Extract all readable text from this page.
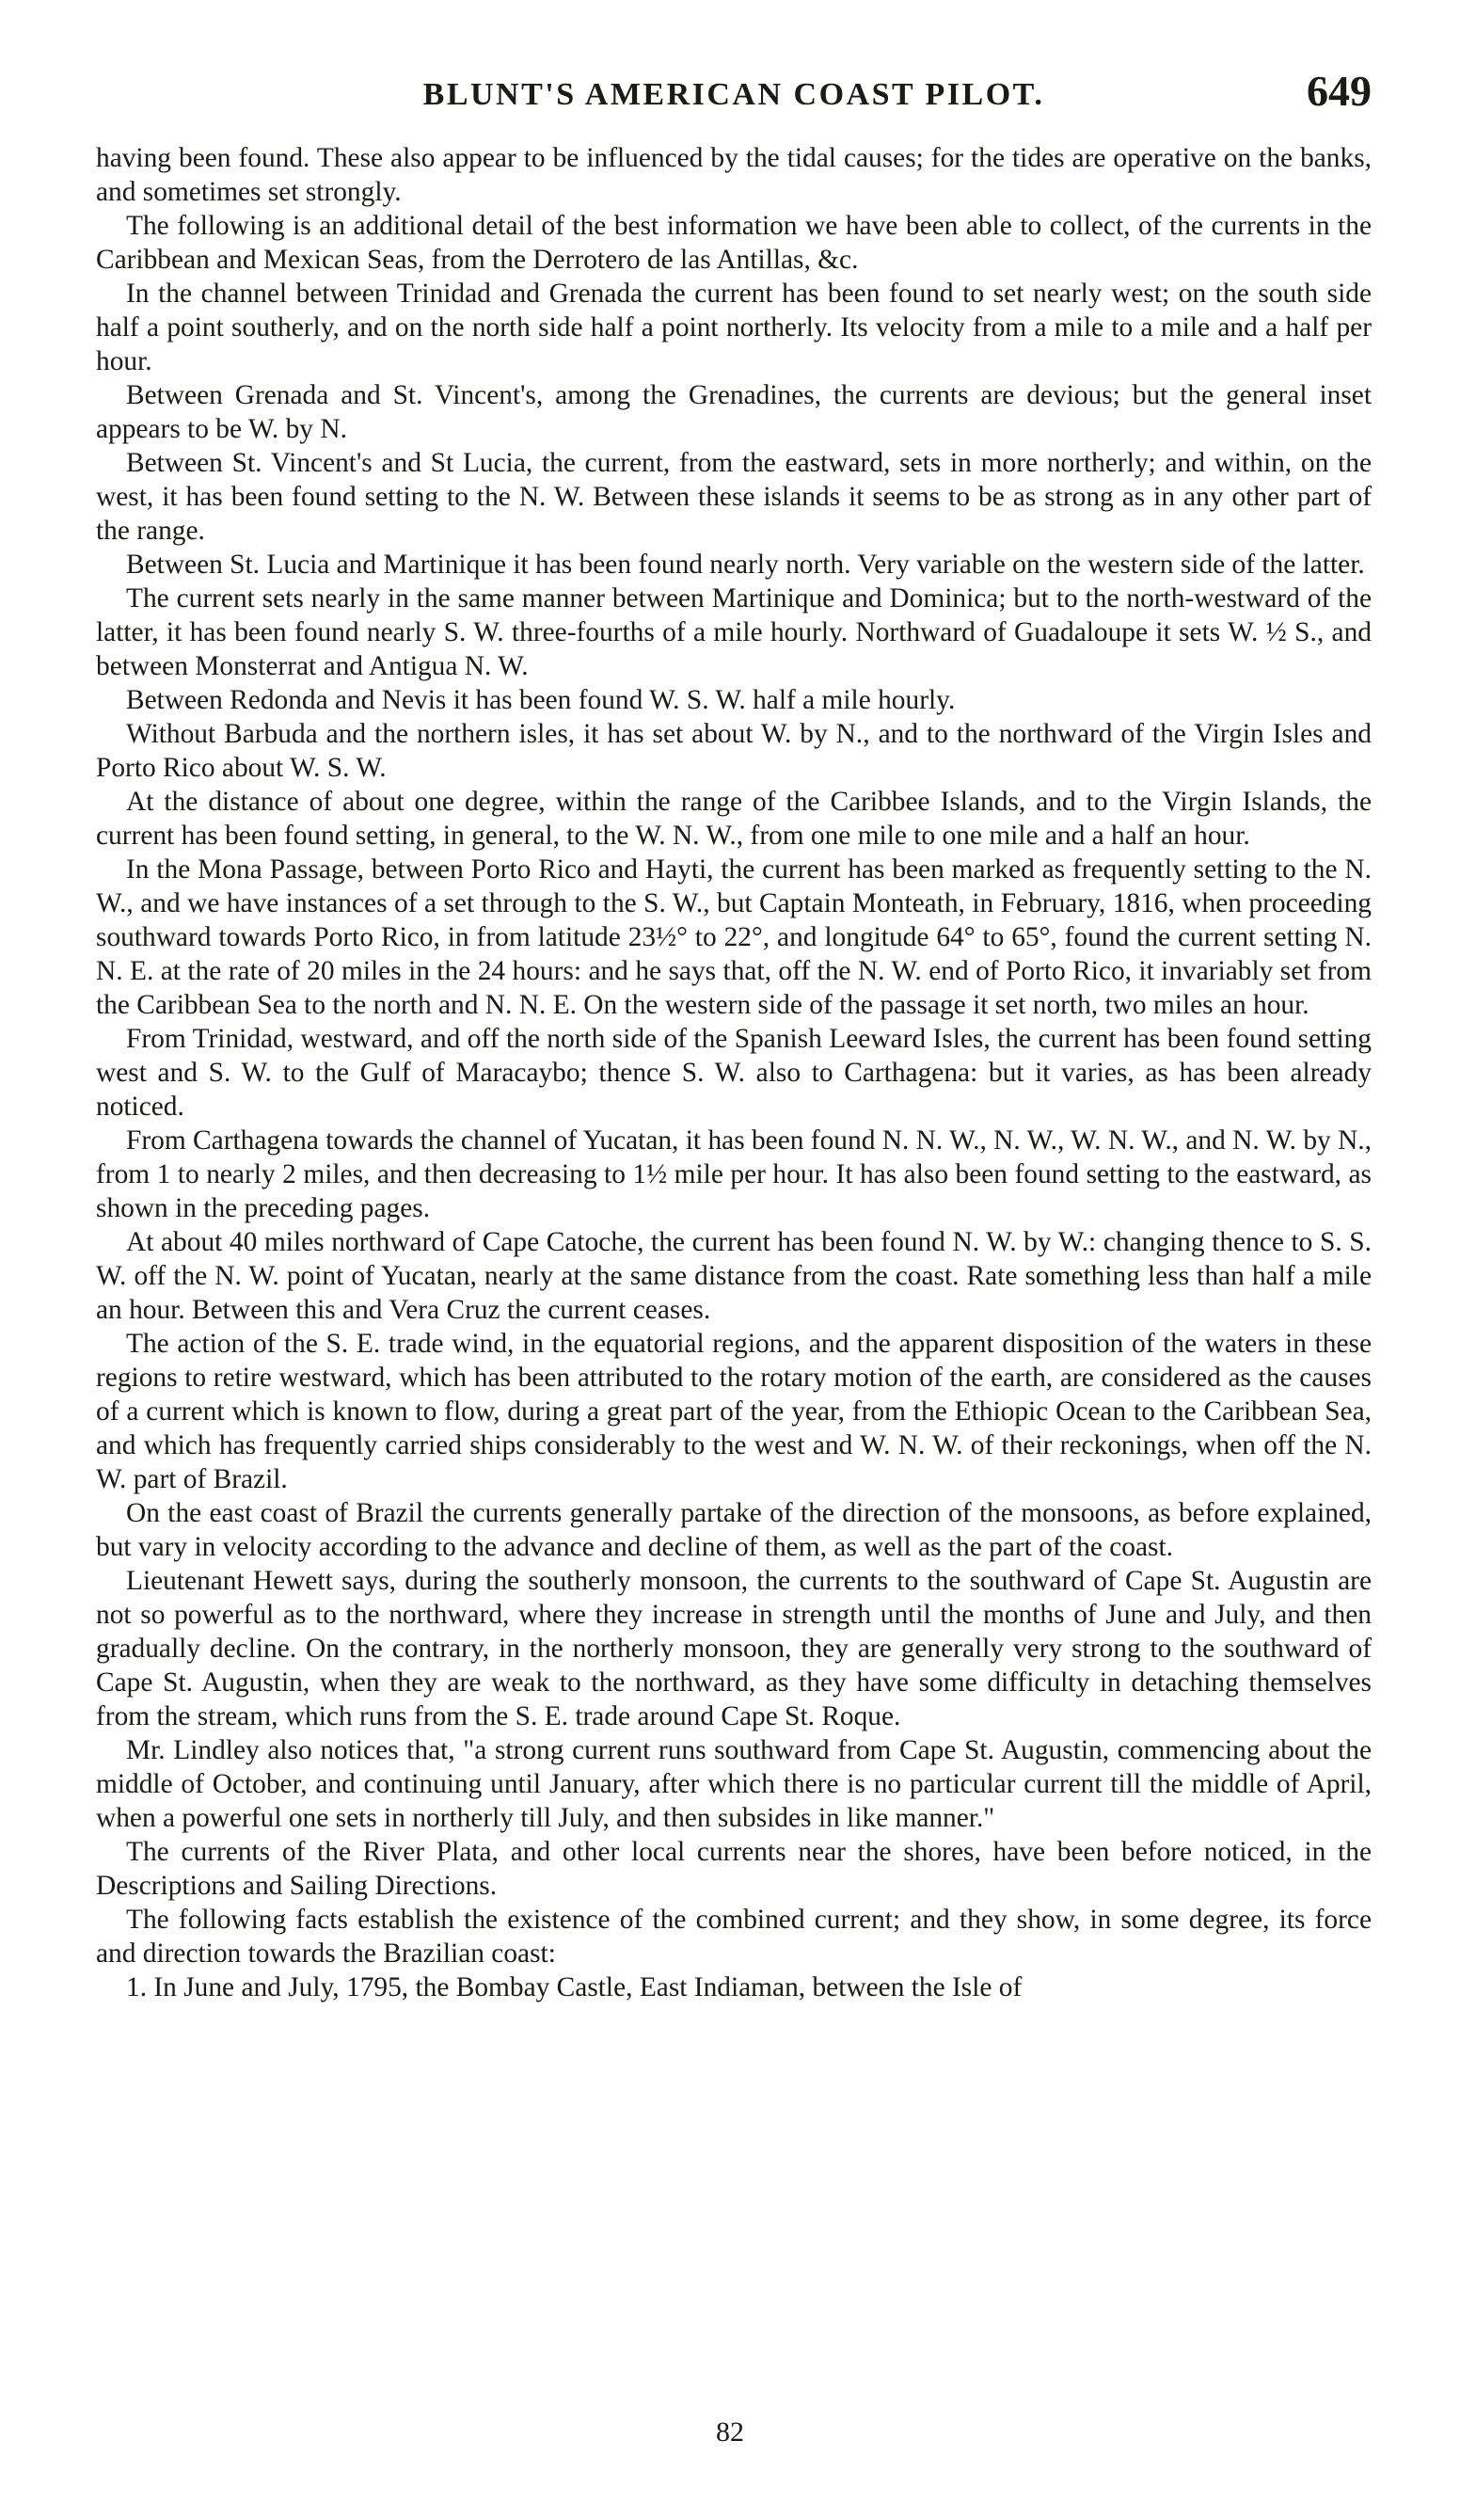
BLUNT'S AMERICAN COAST PILOT.	649

having been found. These also appear to be influenced by the tidal causes; for the tides are operative on the banks, and sometimes set strongly.

The following is an additional detail of the best information we have been able to collect, of the currents in the Caribbean and Mexican Seas, from the Derrotero de las Antillas, &c.

In the channel between Trinidad and Grenada the current has been found to set nearly west; on the south side half a point southerly, and on the north side half a point northerly. Its velocity from a mile to a mile and a half per hour.

Between Grenada and St. Vincent's, among the Grenadines, the currents are devious; but the general inset appears to be W. by N.

Between St. Vincent's and St Lucia, the current, from the eastward, sets in more northerly; and within, on the west, it has been found setting to the N. W. Between these islands it seems to be as strong as in any other part of the range.

Between St. Lucia and Martinique it has been found nearly north. Very variable on the western side of the latter.

The current sets nearly in the same manner between Martinique and Dominica; but to the north-westward of the latter, it has been found nearly S. W. three-fourths of a mile hourly. Northward of Guadaloupe it sets W. ½ S., and between Monsterrat and Antigua N. W.

Between Redonda and Nevis it has been found W. S. W. half a mile hourly.

Without Barbuda and the northern isles, it has set about W. by N., and to the northward of the Virgin Isles and Porto Rico about W. S. W.

At the distance of about one degree, within the range of the Caribbee Islands, and to the Virgin Islands, the current has been found setting, in general, to the W. N. W., from one mile to one mile and a half an hour.

In the Mona Passage, between Porto Rico and Hayti, the current has been marked as frequently setting to the N. W., and we have instances of a set through to the S. W., but Captain Monteath, in February, 1816, when proceeding southward towards Porto Rico, in from latitude 23½° to 22°, and longitude 64° to 65°, found the current setting N. N. E. at the rate of 20 miles in the 24 hours: and he says that, off the N. W. end of Porto Rico, it invariably set from the Caribbean Sea to the north and N. N. E. On the western side of the passage it set north, two miles an hour.

From Trinidad, westward, and off the north side of the Spanish Leeward Isles, the current has been found setting west and S. W. to the Gulf of Maracaybo; thence S. W. also to Carthagena: but it varies, as has been already noticed.

From Carthagena towards the channel of Yucatan, it has been found N. N. W., N. W., W. N. W., and N. W. by N., from 1 to nearly 2 miles, and then decreasing to 1½ mile per hour. It has also been found setting to the eastward, as shown in the preceding pages.

At about 40 miles northward of Cape Catoche, the current has been found N. W. by W.: changing thence to S. S. W. off the N. W. point of Yucatan, nearly at the same distance from the coast. Rate something less than half a mile an hour. Between this and Vera Cruz the current ceases.

The action of the S. E. trade wind, in the equatorial regions, and the apparent disposition of the waters in these regions to retire westward, which has been attributed to the rotary motion of the earth, are considered as the causes of a current which is known to flow, during a great part of the year, from the Ethiopic Ocean to the Caribbean Sea, and which has frequently carried ships considerably to the west and W. N. W. of their reckonings, when off the N. W. part of Brazil.

On the east coast of Brazil the currents generally partake of the direction of the monsoons, as before explained, but vary in velocity according to the advance and decline of them, as well as the part of the coast.

Lieutenant Hewett says, during the southerly monsoon, the currents to the southward of Cape St. Augustin are not so powerful as to the northward, where they increase in strength until the months of June and July, and then gradually decline. On the contrary, in the northerly monsoon, they are generally very strong to the southward of Cape St. Augustin, when they are weak to the northward, as they have some difficulty in detaching themselves from the stream, which runs from the S. E. trade around Cape St. Roque.

Mr. Lindley also notices that, "a strong current runs southward from Cape St. Augustin, commencing about the middle of October, and continuing until January, after which there is no particular current till the middle of April, when a powerful one sets in northerly till July, and then subsides in like manner."

The currents of the River Plata, and other local currents near the shores, have been before noticed, in the Descriptions and Sailing Directions.

The following facts establish the existence of the combined current; and they show, in some degree, its force and direction towards the Brazilian coast:

1. In June and July, 1795, the Bombay Castle, East Indiaman, between the Isle of

82
